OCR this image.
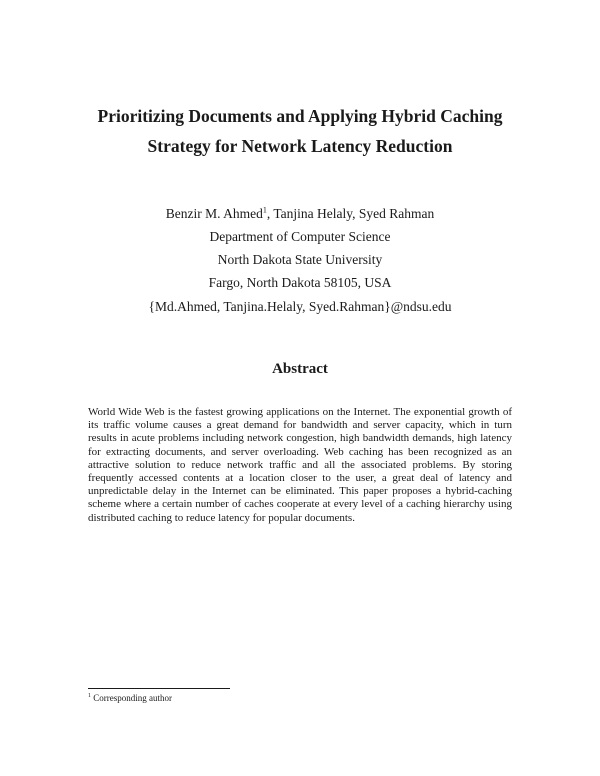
Prioritizing Documents and Applying Hybrid Caching
Strategy for Network Latency Reduction

Benzir M. Ahmed$^1$, Tanjina Helaly, Syed Rahman

Department of Computer Science

North Dakota State University

Fargo, North Dakota 58105, USA

{Md.Ahmed, Tanjina.Helaly, Syed.Rahman}@ndsu.edu

Abstract

World Wide Web is the fastest growing applications on the Internet. The exponential growth of its traffic volume causes a great demand for bandwidth and server capacity, which in turn results in acute problems including network congestion, high bandwidth demands, high latency for extracting documents, and server overloading. Web caching has been recognized as an attractive solution to reduce network traffic and all the associated problems. By storing frequently accessed contents at a location closer to the user, a great deal of latency and unpredictable delay in the Internet can be eliminated. This paper proposes a hybrid-caching scheme where a certain number of caches cooperate at every level of a caching hierarchy using distributed caching to reduce latency for popular documents.

$^1$ Corresponding author
